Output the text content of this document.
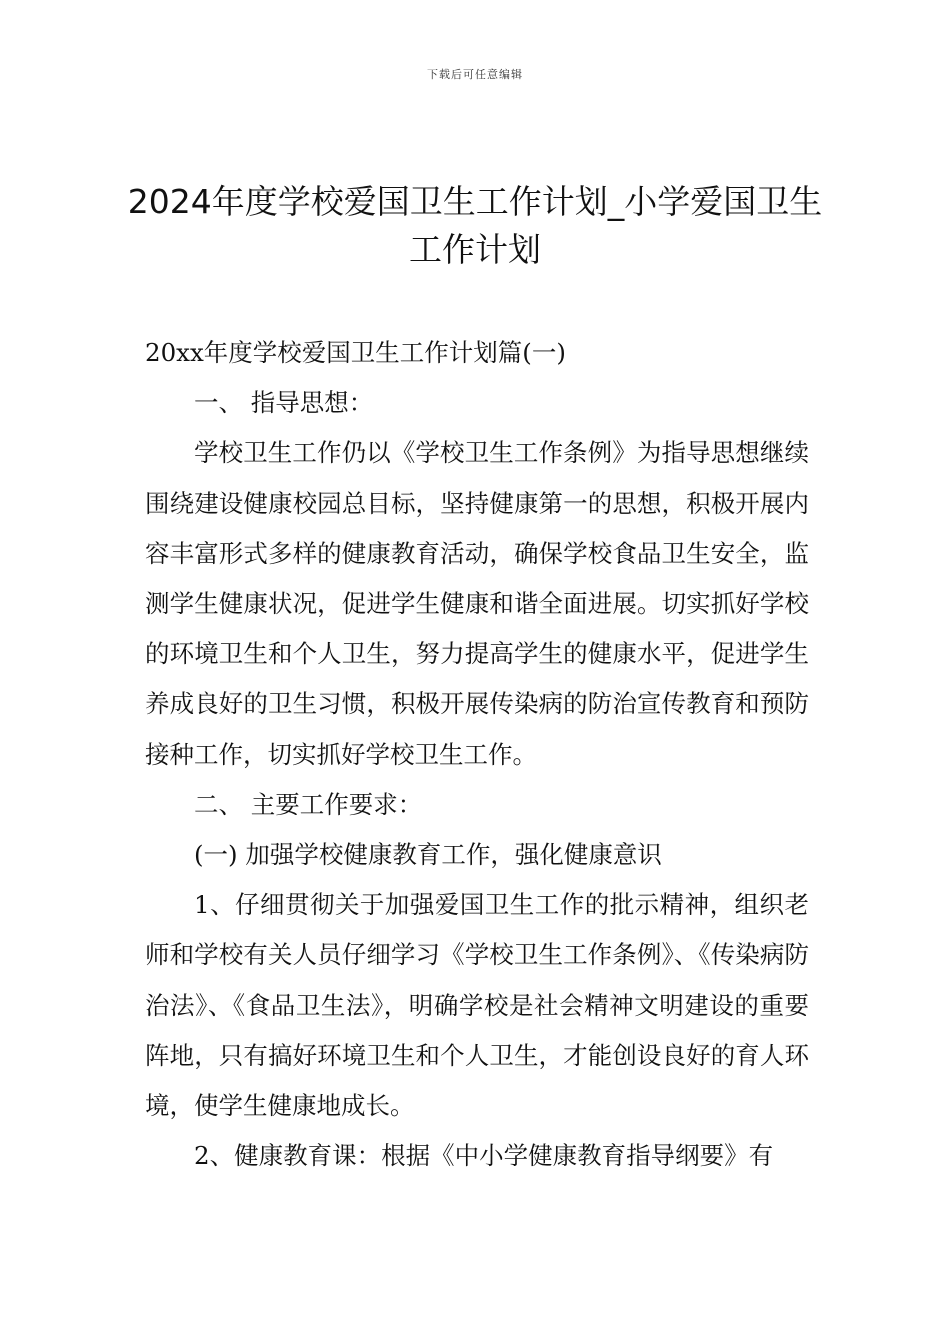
下载后可任意编辑
2024年度学校爱国卫生工作计划_小学爱国卫生工作计划

20xx年度学校爱国卫生工作计划篇(一)

一、 指导思想：

学校卫生工作仍以《学校卫生工作条例》为指导思想继续围绕建设健康校园总目标，坚持健康第一的思想，积极开展内容丰富形式多样的健康教育活动，确保学校食品卫生安全，监测学生健康状况，促进学生健康和谐全面进展。切实抓好学校的环境卫生和个人卫生，努力提高学生的健康水平，促进学生养成良好的卫生习惯，积极开展传染病的防治宣传教育和预防接种工作，切实抓好学校卫生工作。

二、 主要工作要求：

(一) 加强学校健康教育工作，强化健康意识

1、仔细贯彻关于加强爱国卫生工作的批示精神，组织老师和学校有关人员仔细学习《学校卫生工作条例》、《传染病防治法》、《食品卫生法》，明确学校是社会精神文明建设的重要阵地，只有搞好环境卫生和个人卫生，才能创设良好的育人环境，使学生健康地成长。

2、健康教育课：根据《中小学健康教育指导纲要》有
